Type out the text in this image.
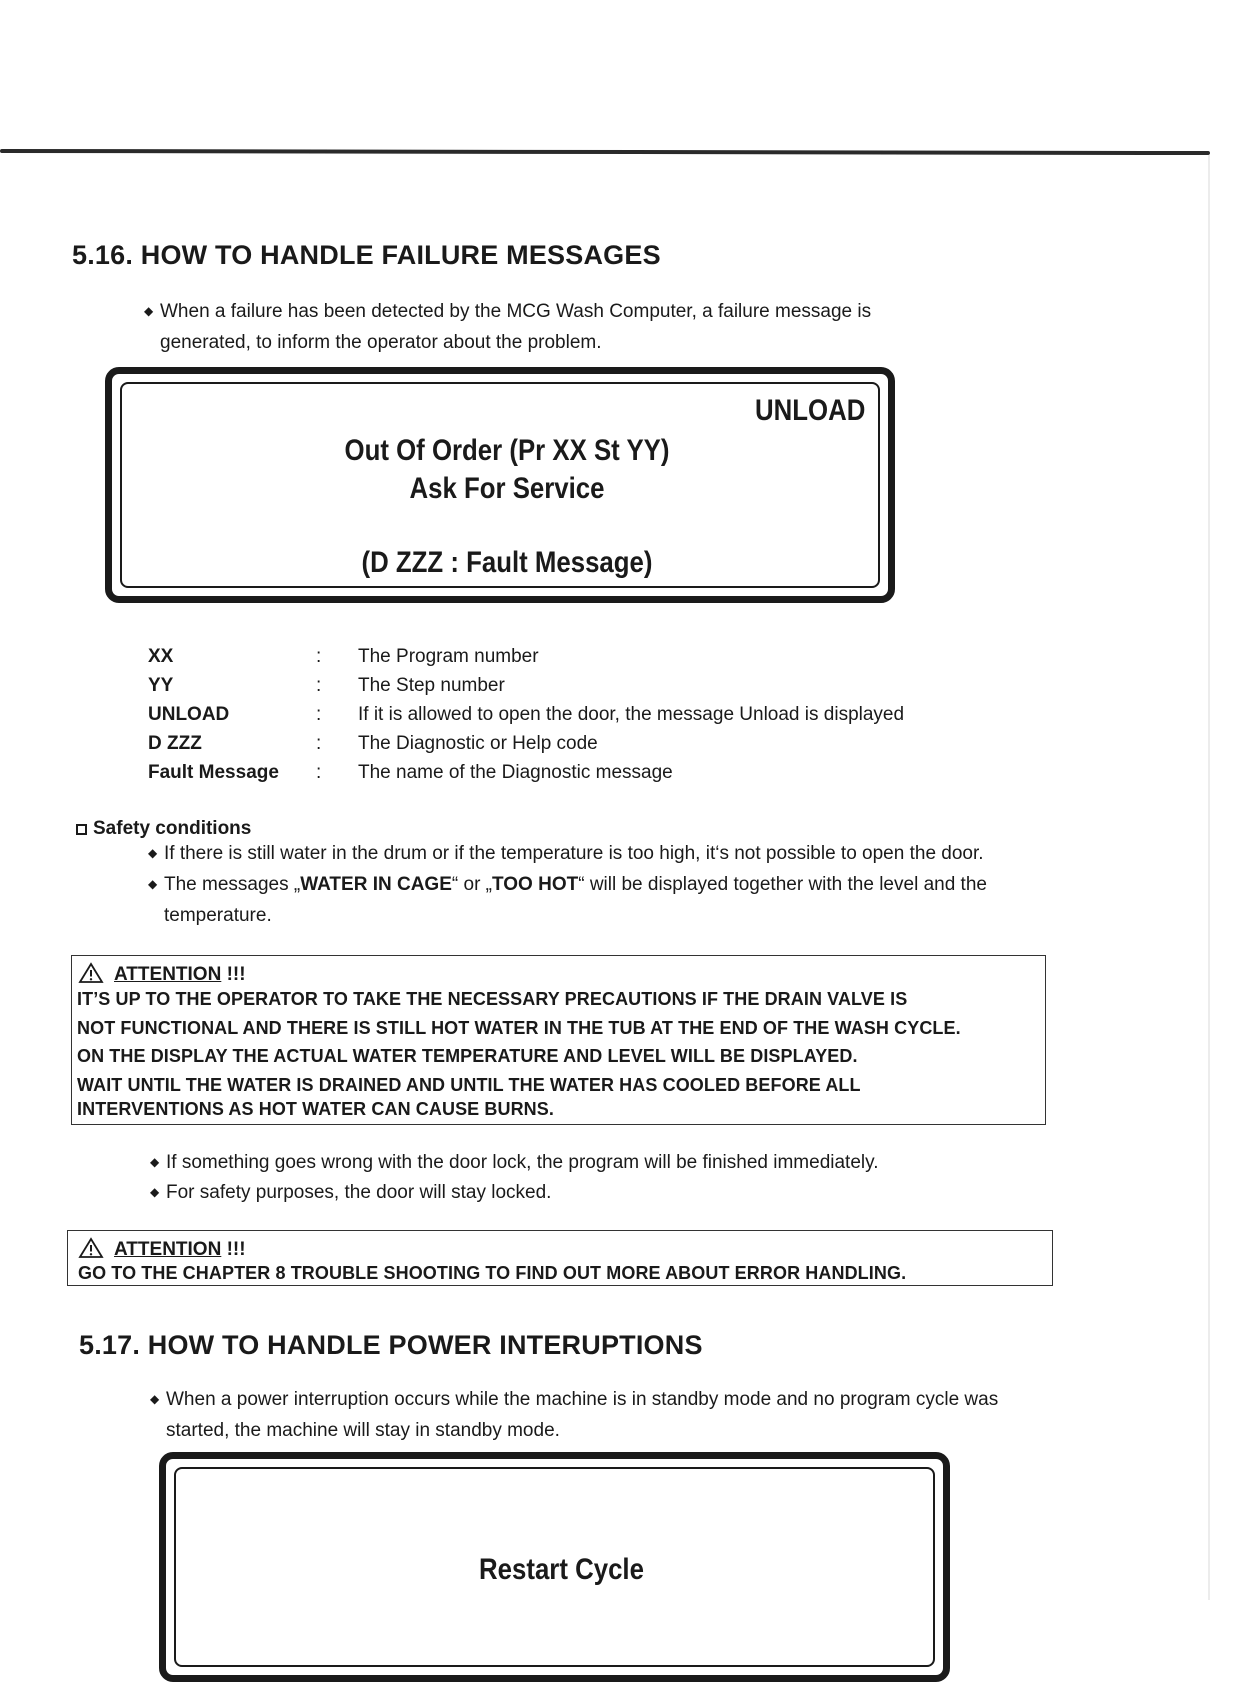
5.16. HOW TO HANDLE FAILURE MESSAGES
◆ When a failure has been detected by the MCG Wash Computer, a failure message is
generated, to inform the operator about the problem.
UNLOAD
Out Of Order (Pr XX St YY)
Ask For Service
(D ZZZ : Fault Message)
XX	: The Program number
YY	: The Step number
UNLOAD	: If it is allowed to open the door, the message Unload is displayed
D ZZZ	: The Diagnostic or Help code
Fault Message : The name of the Diagnostic message
Safety conditions
◆ If there is still water in the drum or if the temperature is too high, it‘s not possible to open the door.
◆ The messages „WATER IN CAGE“ or „TOO HOT“ will be displayed together with the level and the
temperature.
ATTENTION !!!
IT’S UP TO THE OPERATOR TO TAKE THE NECESSARY PRECAUTIONS IF THE DRAIN VALVE IS
NOT FUNCTIONAL AND THERE IS STILL HOT WATER IN THE TUB AT THE END OF THE WASH CYCLE.
ON THE DISPLAY THE ACTUAL WATER TEMPERATURE AND LEVEL WILL BE DISPLAYED.
WAIT UNTIL THE WATER IS DRAINED AND UNTIL THE WATER HAS COOLED BEFORE ALL
INTERVENTIONS AS HOT WATER CAN CAUSE BURNS.
◆ If something goes wrong with the door lock, the program will be finished immediately.
◆ For safety purposes, the door will stay locked.
ATTENTION !!!
GO TO THE CHAPTER 8 TROUBLE SHOOTING TO FIND OUT MORE ABOUT ERROR HANDLING.
5.17. HOW TO HANDLE POWER INTERUPTIONS
◆ When a power interruption occurs while the machine is in standby mode and no program cycle was
started, the machine will stay in standby mode.
Restart Cycle
